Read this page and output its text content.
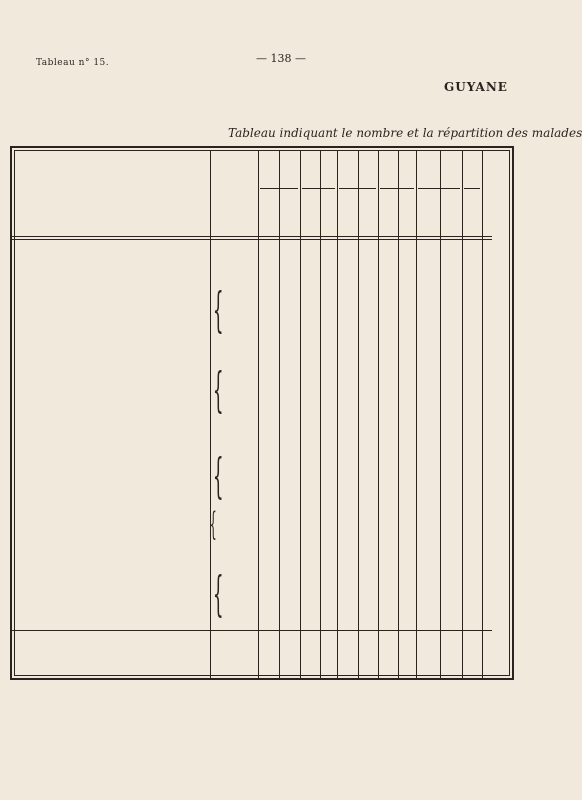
Tableau n° 15.	— 138 —
GUYANE
Tableau indiquant le nombre et la répartition des malades
{
{
{
{
{
